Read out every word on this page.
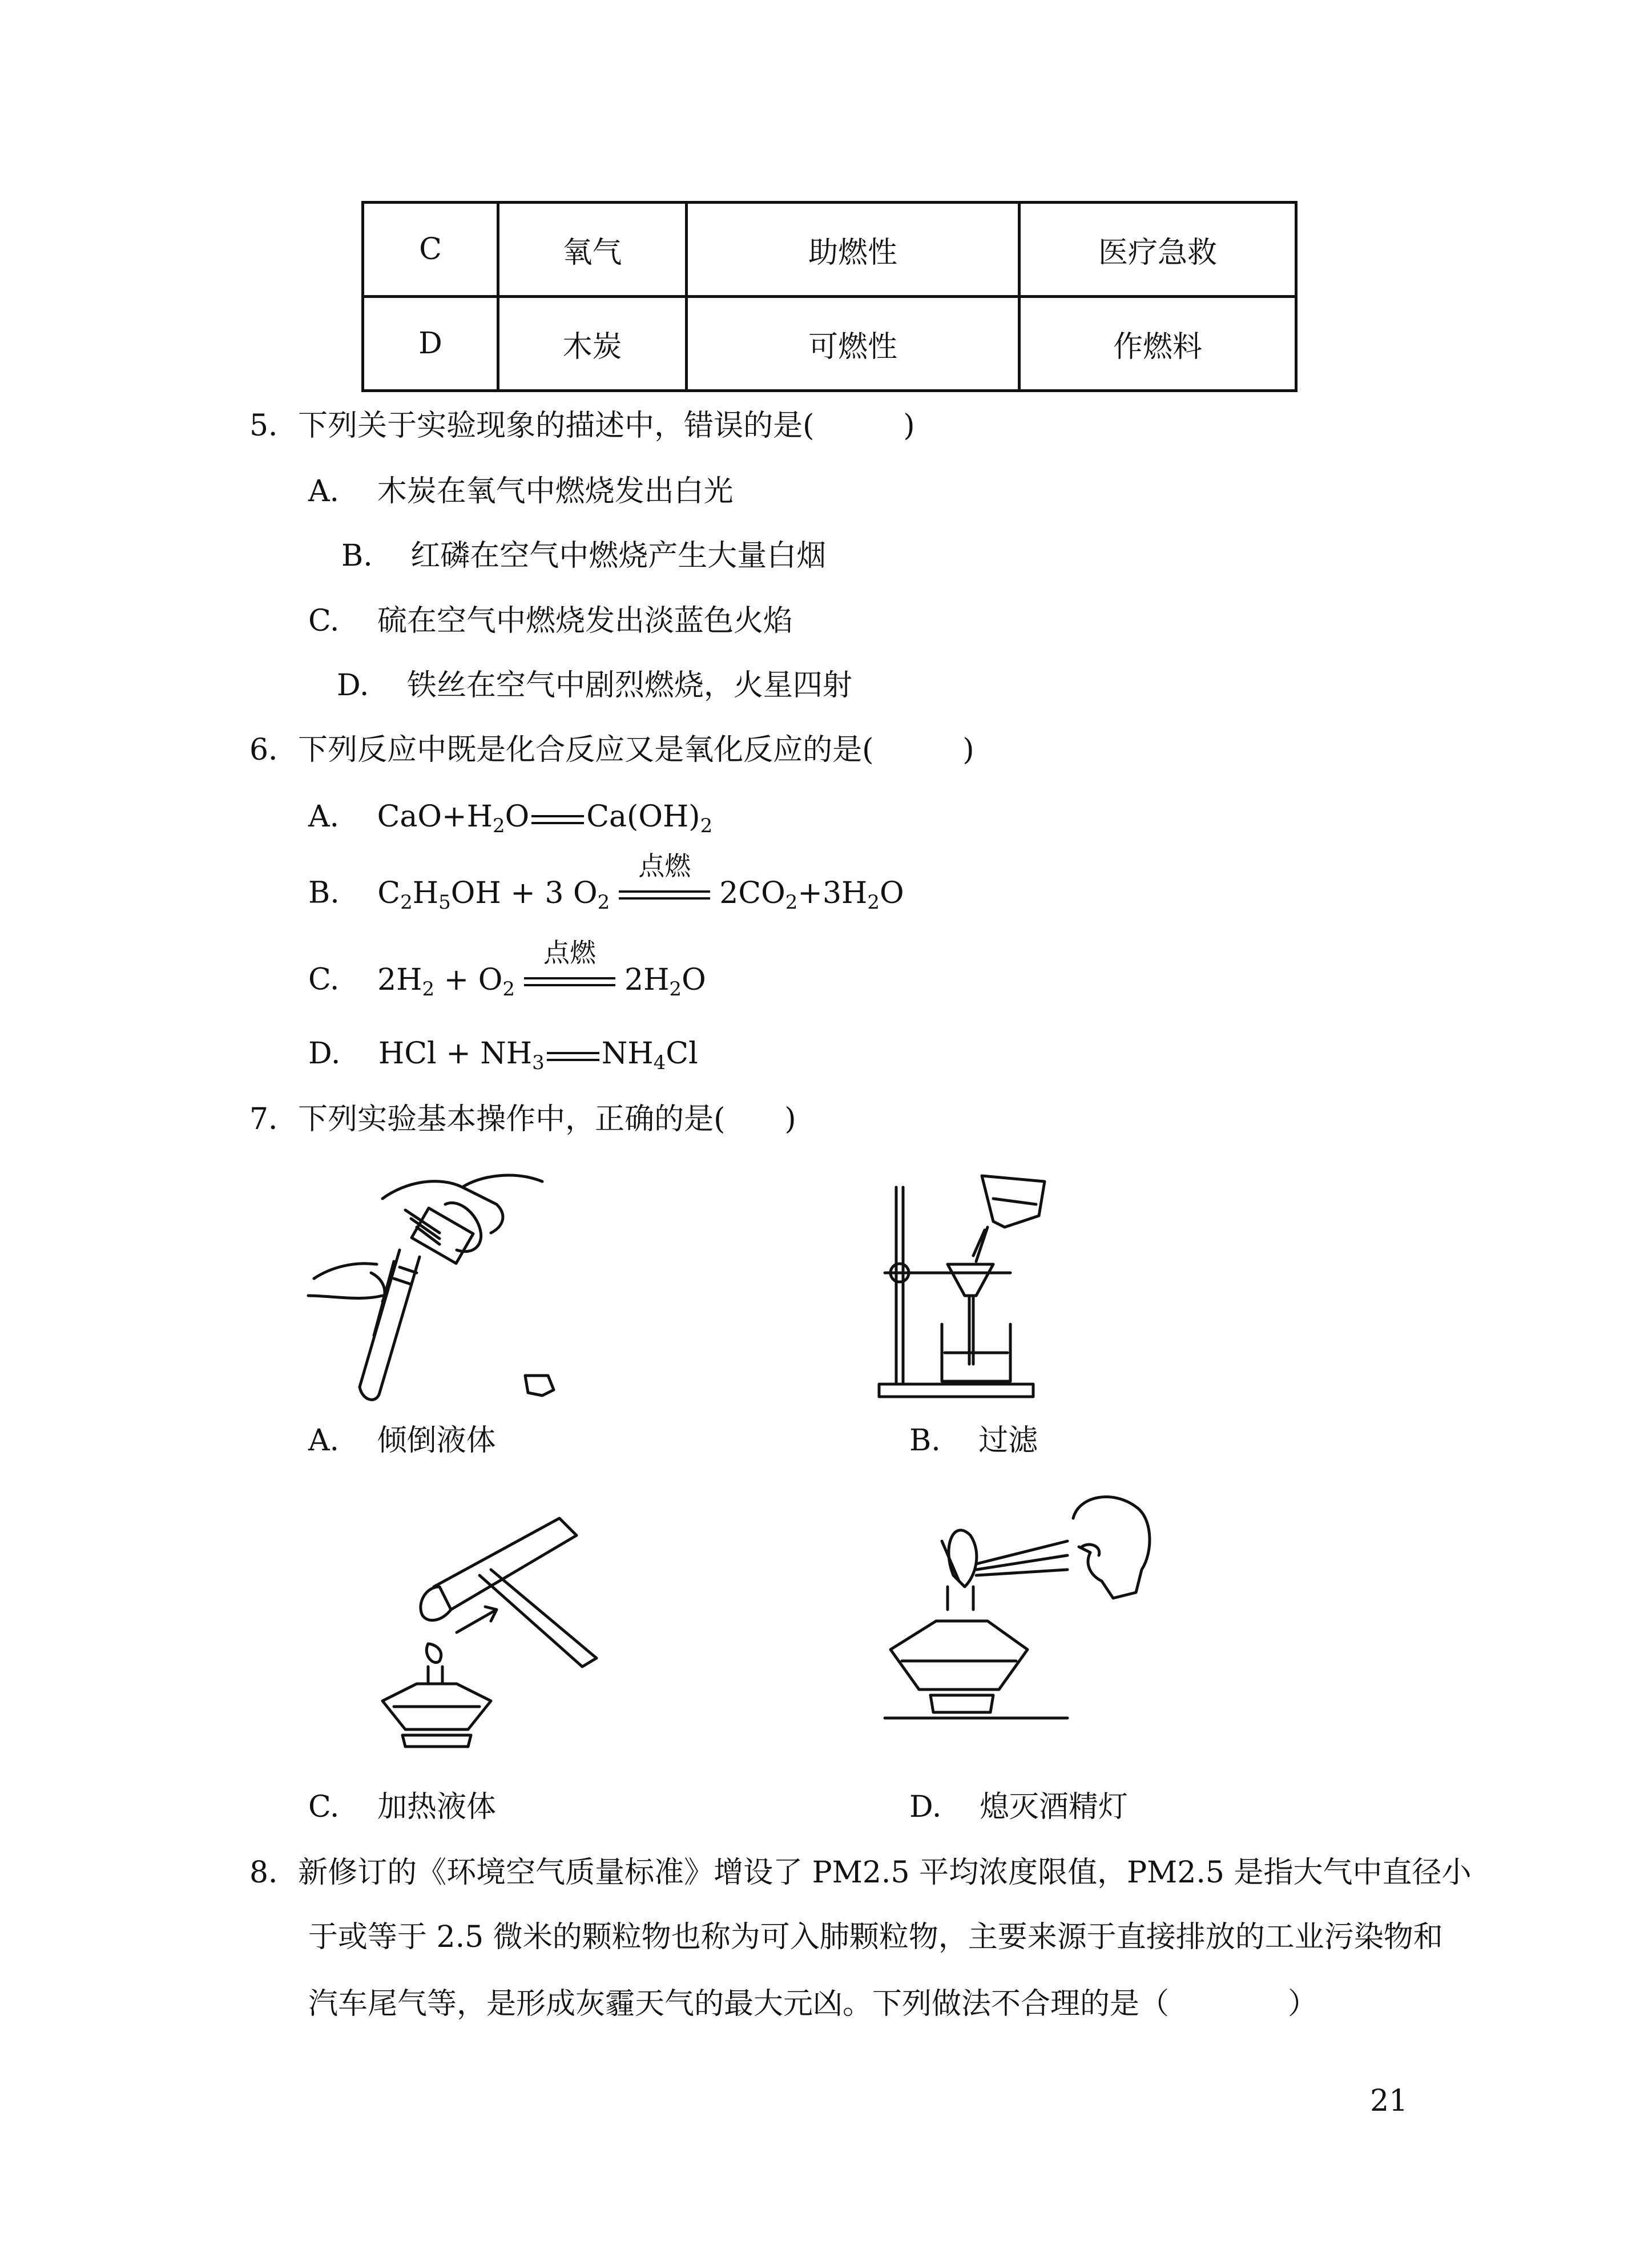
C	氧气	助燃性	医疗急救
D	木炭	可燃性	作燃料
5．下列关于实验现象的描述中，错误的是(　　　)
A. 木炭在氧气中燃烧发出白光
B. 红磷在空气中燃烧产生大量白烟
C. 硫在空气中燃烧发出淡蓝色火焰
D. 铁丝在空气中剧烈燃烧，火星四射
6．下列反应中既是化合反应又是氧化反应的是(　　　)
A. $CaO+H_2O$ $Ca(OH)_2$
B. $C_2H_5OH + 3$ $O_2$
点燃
$2CO_2+3H_2O$
C. $2H_2 + O_2$
点燃
$2H_2O$
D. HCl + $NH_3$ $NH_4Cl$
7．下列实验基本操作中，正确的是(　　)
A. 倾倒液体	B. 过滤
C. 加热液体	D. 熄灭酒精灯
8．新修订的《环境空气质量标准》增设了 PM2.5 平均浓度限值，PM2.5 是指大气中直径小
于或等于 2.5 微米的颗粒物也称为可入肺颗粒物，主要来源于直接排放的工业污染物和
汽车尾气等，是形成灰霾天气的最大元凶。下列做法不合理的是（　　　　）
21
